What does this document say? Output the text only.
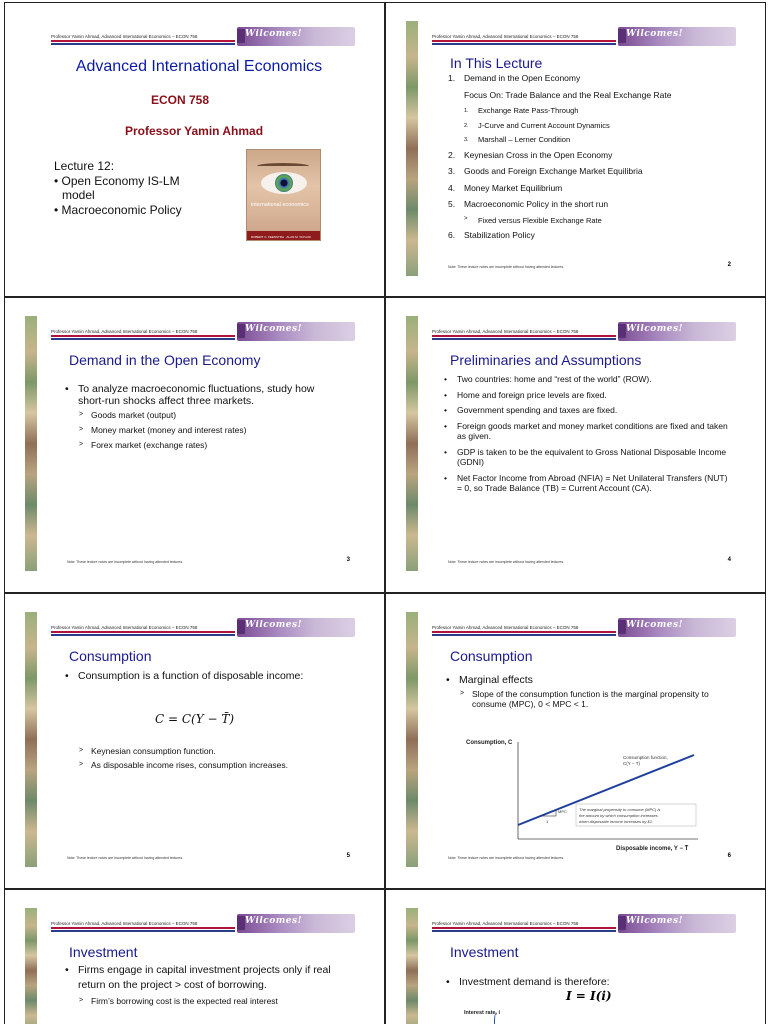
Professor Yamin Ahmad, Advanced International Economics – ECON 758	Wilcomes!
Advanced International Economics
ECON 758
Professor Yamin Ahmad
Lecture 12:
• Open Economy IS-LM model
• Macroeconomic Policy	international economics
ROBERT C. FEENSTRA · ALAN M. TAYLOR
Professor Yamin Ahmad, Advanced International Economics – ECON 758	Wilcomes!
In This Lecture
1.	Demand in the Open Economy
Focus On: Trade Balance and the Real Exchange Rate
1.	Exchange Rate Pass-Through
2.	J-Curve and Current Account Dynamics
3.	Marshall – Lerner Condition
2.	Keynesian Cross in the Open Economy
3.	Goods and Foreign Exchange Market Equilibria
4.	Money Market Equilibrium
5.	Macroeconomic Policy in the short run
>	Fixed versus Flexible Exchange Rate
6.	Stabilization Policy
Note: These lecture notes are incomplete without having attended lectures.	2
Professor Yamin Ahmad, Advanced International Economics – ECON 758	Wilcomes!
Demand in the Open Economy
• To analyze macroeconomic fluctuations, study how short-run shocks affect three markets.
> Goods market (output)
> Money market (money and interest rates)
> Forex market (exchange rates)
Note: These lecture notes are incomplete without having attended lectures.	3
Professor Yamin Ahmad, Advanced International Economics – ECON 758	Wilcomes!
Preliminaries and Assumptions
•	Two countries: home and “rest of the world” (ROW).
•	Home and foreign price levels are fixed.
•	Government spending and taxes are fixed.
•	Foreign goods market and money market conditions are fixed and taken as given.
•	GDP is taken to be the equivalent to Gross National Disposable Income (GDNI)
•	Net Factor Income from Abroad (NFIA) = Net Unilateral Transfers (NUT) = 0, so Trade Balance (TB) = Current Account (CA).
Note: These lecture notes are incomplete without having attended lectures.	4
Professor Yamin Ahmad, Advanced International Economics – ECON 758	Wilcomes!
Consumption
• Consumption is a function of disposable income:
C = C(Y − T̄)
> Keynesian consumption function.
> As disposable income rises, consumption increases.
Note: These lecture notes are incomplete without having attended lectures.	5
Professor Yamin Ahmad, Advanced International Economics – ECON 758	Wilcomes!
Consumption
• Marginal effects
> Slope of the consumption function is the marginal propensity to consume (MPC), 0 < MPC < 1.
Consumption, C
Disposable income, Y − T̄
Consumption function,
C(Y − T)
MPC
1
The marginal propensity to consume (MPC) is
the amount by which consumption increases
when disposable income increases by $1.
Note: These lecture notes are incomplete without having attended lectures.	6
Professor Yamin Ahmad, Advanced International Economics – ECON 758	Wilcomes!
Investment
• Firms engage in capital investment projects only if real return on the project > cost of borrowing.
> Firm’s borrowing cost is the expected real interest
Professor Yamin Ahmad, Advanced International Economics – ECON 758	Wilcomes!
Investment
• Investment demand is therefore:
I = I(i)
Interest rate, i
